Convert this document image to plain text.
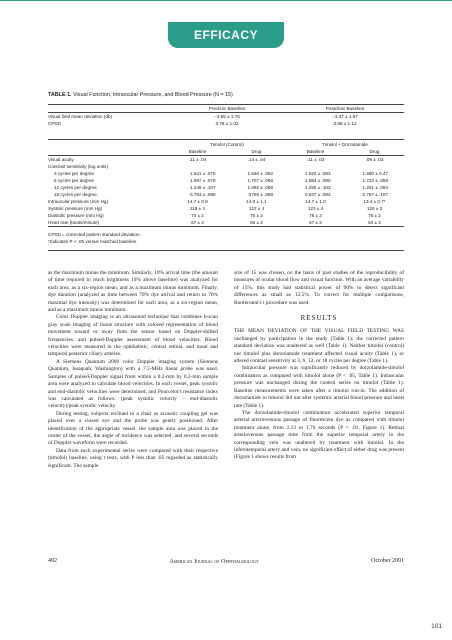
EFFICACY
TABLE 1. Visual Function, Intraocular Pressure, and Blood Pressure (N = 15)
Preclinic Baseline	Postclinic Baseline
Visual field mean deviation (db)	−3.65 ± 1.76	−3.37 ± 1.67
CPSD	3.78 ± 1.02	3.86 ± 1.12
Timolol (Control)	Timolol + Dorzolamide
Baseline	Drug	Baseline	Drug
Visual acuity	.11 ± .04	.14 ± .04	.11 ± .03	.09 ± .03
Contrast sensitivity (log units)
3 cycles per degree	1.641 ± .075	1.548 ± .062	1.524 ± .083	1.590 ± 0.47
6 cycles per degree	1.697 ± .078	1.707 ± .066	1.684 ± .090	1.722 ± .058
12 cycles per degree	1.249 ± .107	1.092 ± .086	1.255 ± .103	1.201 ± .094
18 cycles per degree	0.783 ± .098	.0759 ± .068	0.847 ± .092	0.757 ± .107
Intraocular pressure (mm Hg)	14.7 ± 0.9	14.0 ± 1.1	14.7 ± 1.0	13.4 ± 0.7*
Systolic pressure (mm Hg)	118 ± 4	122 ± 4	123 ± 4	126 ± 3
Diastolic pressure (mm Hg)	74 ± 2	76 ± 3	78 ± 2	76 ± 2
Heart rate (beats/minute)	67 ± 3	66 ± 2	67 ± 2	64 ± 3
CPSD = corrected pattern standard deviation.
*Indicates P < .05 versus matched baseline.

as the maximum minus the minimum. Similarly, 10% arrival time (the amount of time required to reach brightness 10% above baseline) was analyzed for each area, as a six-region mean, and as a maximum minus minimum. Finally, dye duration (analyzed as time between 70% dye arrival and return to 70% maximal dye intensity) was determined for each area, as a six-region mean, and as a maximum minus minimum.

Color Doppler imaging is an ultrasound technique that combines b-scan gray scale imaging of tissue structure with colored representation of blood movement toward or away from the sensor based on Doppler-shifted frequencies, and pulsed-Doppler assessment of blood velocities. Blood velocities were measured in the ophthalmic, central retinal, and nasal and temporal posterior ciliary arteries.

A Siemens Quantum 2000 color Doppler imaging system (Siemens Quantum, Issaquah, Washington) with a 7.5-MHz linear probe was used. Samples of pulsed-Doppler signal from within a 0.2-mm by 0.2-mm sample area were analyzed to calculate blood velocities. In each vessel, peak systolic and end-diastolic velocities were determined, and Pourcelot's resistance index was calculated as follows: (peak systolic velocity − end-diastolic velocity)/peak systolic velocity.

During testing, subjects reclined in a chair as acoustic coupling gel was placed over a closed eye and the probe was gently positioned. After identification of the appropriate vessel, the sample area was placed in the center of the vessel, the angle of incidence was selected, and several seconds of Doppler waveform were recorded.

Data from each experimental series were compared with their respective (timolol) baseline, using t tests, with P less than .05 regarded as statistically significant. The sample

size of 15 was chosen, on the basis of past studies of the reproducibility of measures of ocular blood flow and visual function. With an average variability of 15%, this study had statistical power of 90% to detect significant differences as small as 12.5%. To correct for multiple comparisons, Bonferonni's t procedure was used.

RESULTS

THE MEAN DEVIATION OF THE VISUAL FIELD TESTING WAS unchanged by participation in the study (Table 1); the corrected pattern standard deviation was unaltered as well (Table 1). Neither timolol (control) nor timolol plus dorzolamide treatment affected visual acuity (Table 1), or altered contrast sensitivity at 3, 6, 12, or 18 cycles per degree (Table 1).

Intraocular pressure was significantly reduced by dorzolamide-timolol combination as compared with timolol alone (P < .05, Table 1). Intraocular pressure was unchanged during the control series on timolol (Table 1). Baseline measurements were taken after a timolol run-in. The addition of dorzolamide to timolol did not alter systemic arterial blood pressure and heart rate (Table 1).

The dorzolamide-timolol combination accelerated superior temporal arterial arteriovenous passage of fluorescein dye as compared with timolol treatment alone, from 2.13 to 1.76 seconds (P = .01, Figure 1). Retinal arteriovenous passage time from the superior temporal artery to the corresponding vein was unaltered by treatment with timolol. In the inferotemporal artery and vein, no significant effect of either drug was present (Figure 1 shows results from

492	American Journal of Ophthalmology	October 2001
101
